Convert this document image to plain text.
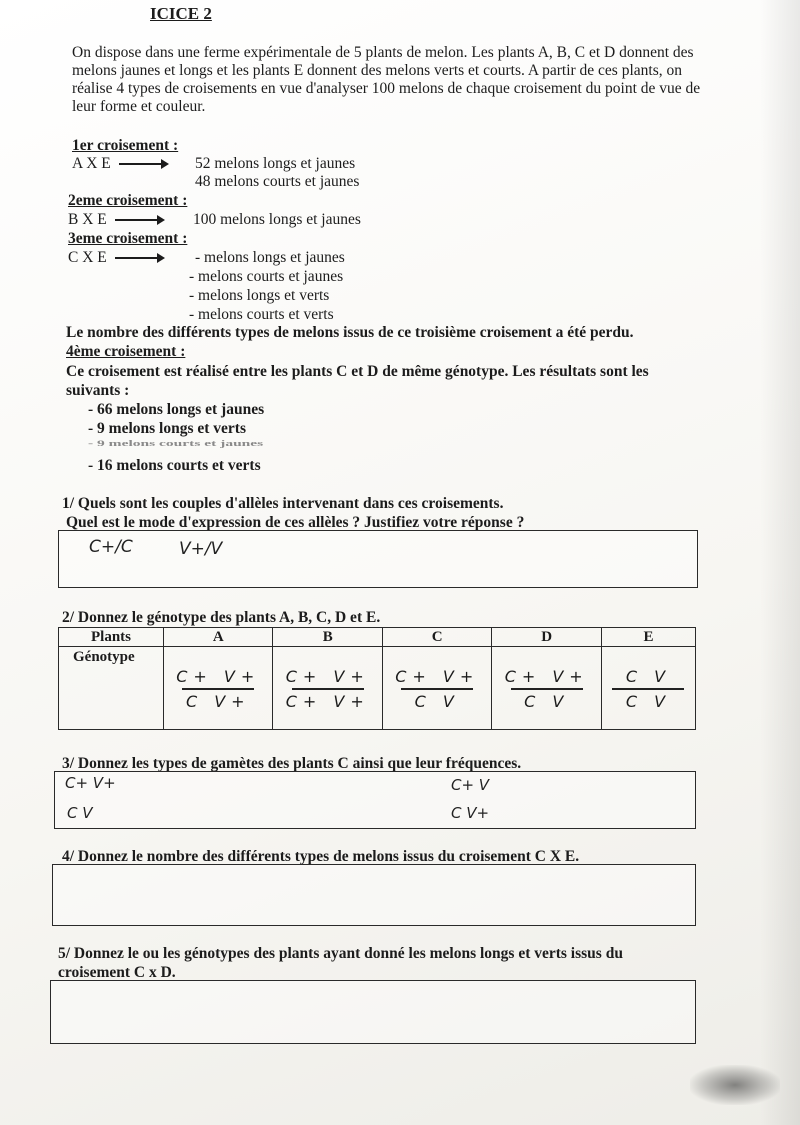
ICICE 2
On dispose dans une ferme expérimentale de 5 plants de melon. Les plants A, B, C et D donnent des melons jaunes et longs et les plants E donnent des melons verts et courts. A partir de ces plants, on réalise 4 types de croisements en vue d'analyser 100 melons de chaque croisement du point de vue de leur forme et couleur.
1er croisement :
A X E	52 melons longs et jaunes
48 melons courts et jaunes
2eme croisement :
B X E	100 melons longs et jaunes
3eme croisement :
C X E	- melons longs et jaunes
- melons courts et jaunes
- melons longs et verts
- melons courts et verts
Le nombre des différents types de melons issus de ce troisième croisement a été perdu.
4ème croisement :
Ce croisement est réalisé entre les plants C et D de même génotype. Les résultats sont les suivants :
- 66 melons longs et jaunes
- 9 melons longs et verts
- 9 melons courts et jaunes
- 16 melons courts et verts
1/ Quels sont les couples d'allèles intervenant dans ces croisements.
Quel est le mode d'expression de ces allèles ? Justifiez votre réponse ?
C+/C	V+/V
2/ Donnez le génotype des plants A, B, C, D et E.
Plants	A	B	C	D	E
Génotype	$\frac{C+ V+}{\text{C V+}}$	$\frac{C+ V+}{C+ V+}$	$\frac{C+ V+}{\text{C V}}$	$\frac{C+ V+}{\text{C V}}$	$\frac{\text{C V}}{\text{C V}}$
3/ Donnez les types de gamètes des plants C ainsi que leur fréquences.
C+ V+
C V
C+ V
C V+
4/ Donnez le nombre des différents types de melons issus du croisement C X E.
5/ Donnez le ou les génotypes des plants ayant donné les melons longs et verts issus du
croisement C x D.
